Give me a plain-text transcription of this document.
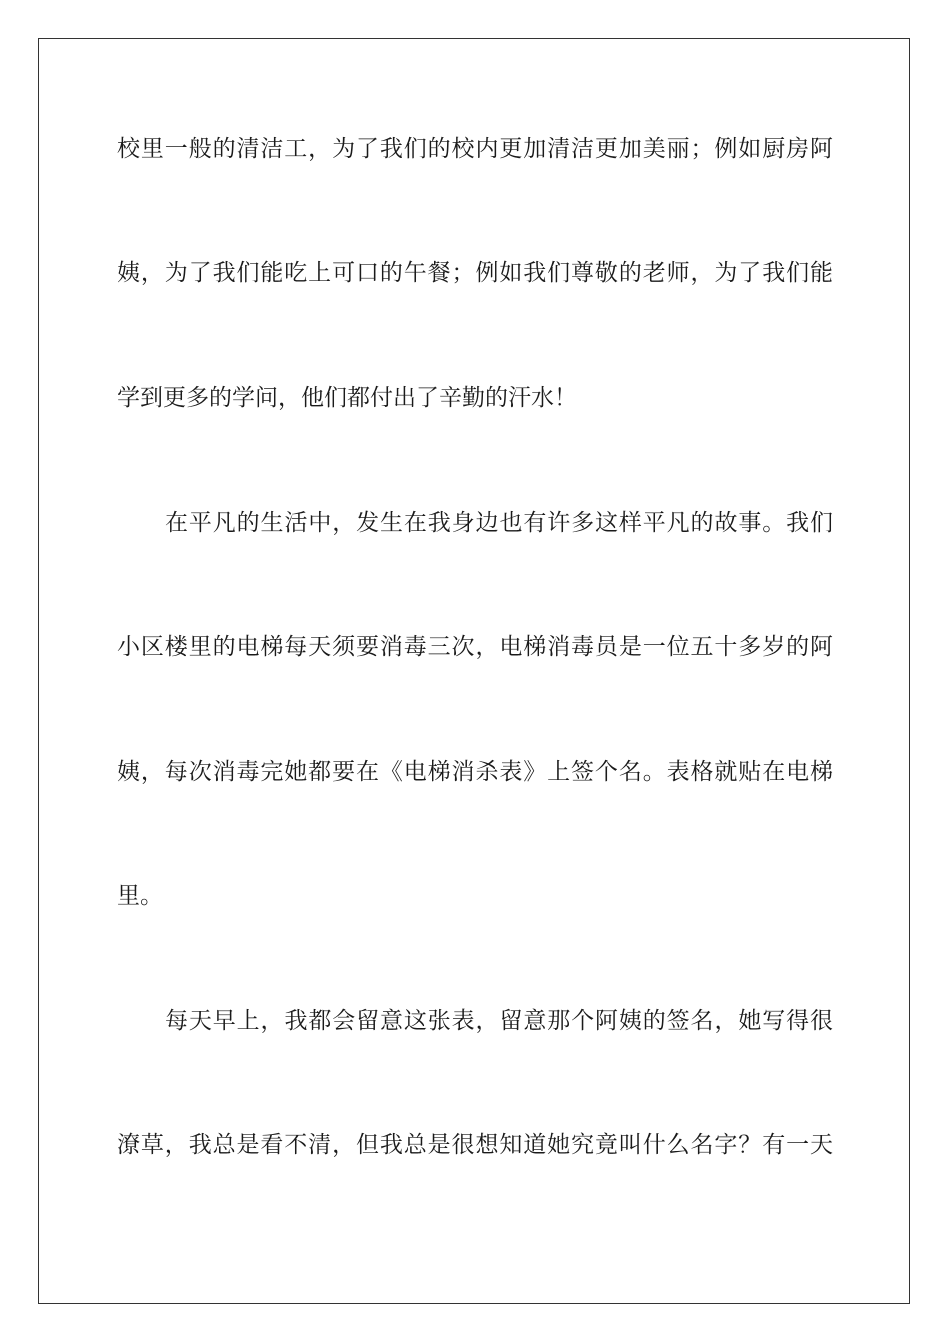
校里一般的清洁工，为了我们的校内更加清洁更加美丽；例如厨房阿
姨，为了我们能吃上可口的午餐；例如我们尊敬的老师，为了我们能
学到更多的学问，他们都付出了辛勤的汗水！
在平凡的生活中，发生在我身边也有许多这样平凡的故事。我们
小区楼里的电梯每天须要消毒三次，电梯消毒员是一位五十多岁的阿
姨，每次消毒完她都要在《电梯消杀表》上签个名。表格就贴在电梯
里。
每天早上，我都会留意这张表，留意那个阿姨的签名，她写得很
潦草，我总是看不清，但我总是很想知道她究竟叫什么名字？有一天
